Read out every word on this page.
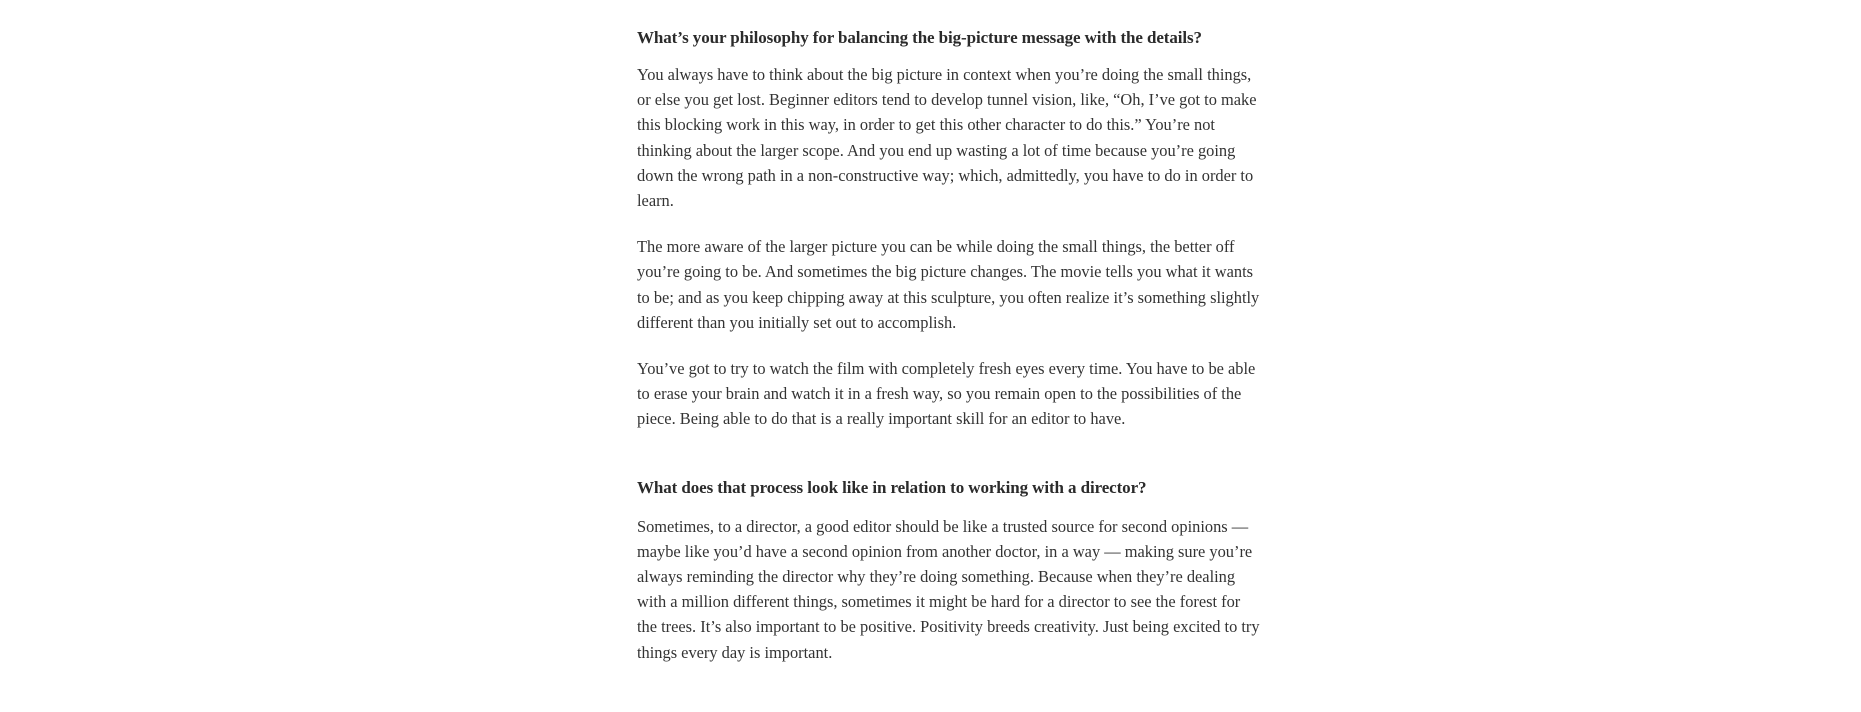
What’s your philosophy for balancing the big-picture message with the details?

You always have to think about the big picture in context when you’re doing the small things, or else you get lost. Beginner editors tend to develop tunnel vision, like, “Oh, I’ve got to make this blocking work in this way, in order to get this other character to do this.” You’re not thinking about the larger scope. And you end up wasting a lot of time because you’re going down the wrong path in a non-constructive way; which, admittedly, you have to do in order to learn.

The more aware of the larger picture you can be while doing the small things, the better off you’re going to be. And sometimes the big picture changes. The movie tells you what it wants to be; and as you keep chipping away at this sculpture, you often realize it’s something slightly different than you initially set out to accomplish.

You’ve got to try to watch the film with completely fresh eyes every time. You have to be able to erase your brain and watch it in a fresh way, so you remain open to the possibilities of the piece. Being able to do that is a really important skill for an editor to have.

What does that process look like in relation to working with a director?

Sometimes, to a director, a good editor should be like a trusted source for second opinions — maybe like you’d have a second opinion from another doctor, in a way — making sure you’re always reminding the director why they’re doing something. Because when they’re dealing with a million different things, sometimes it might be hard for a director to see the forest for the trees. It’s also important to be positive. Positivity breeds creativity. Just being excited to try things every day is important.
